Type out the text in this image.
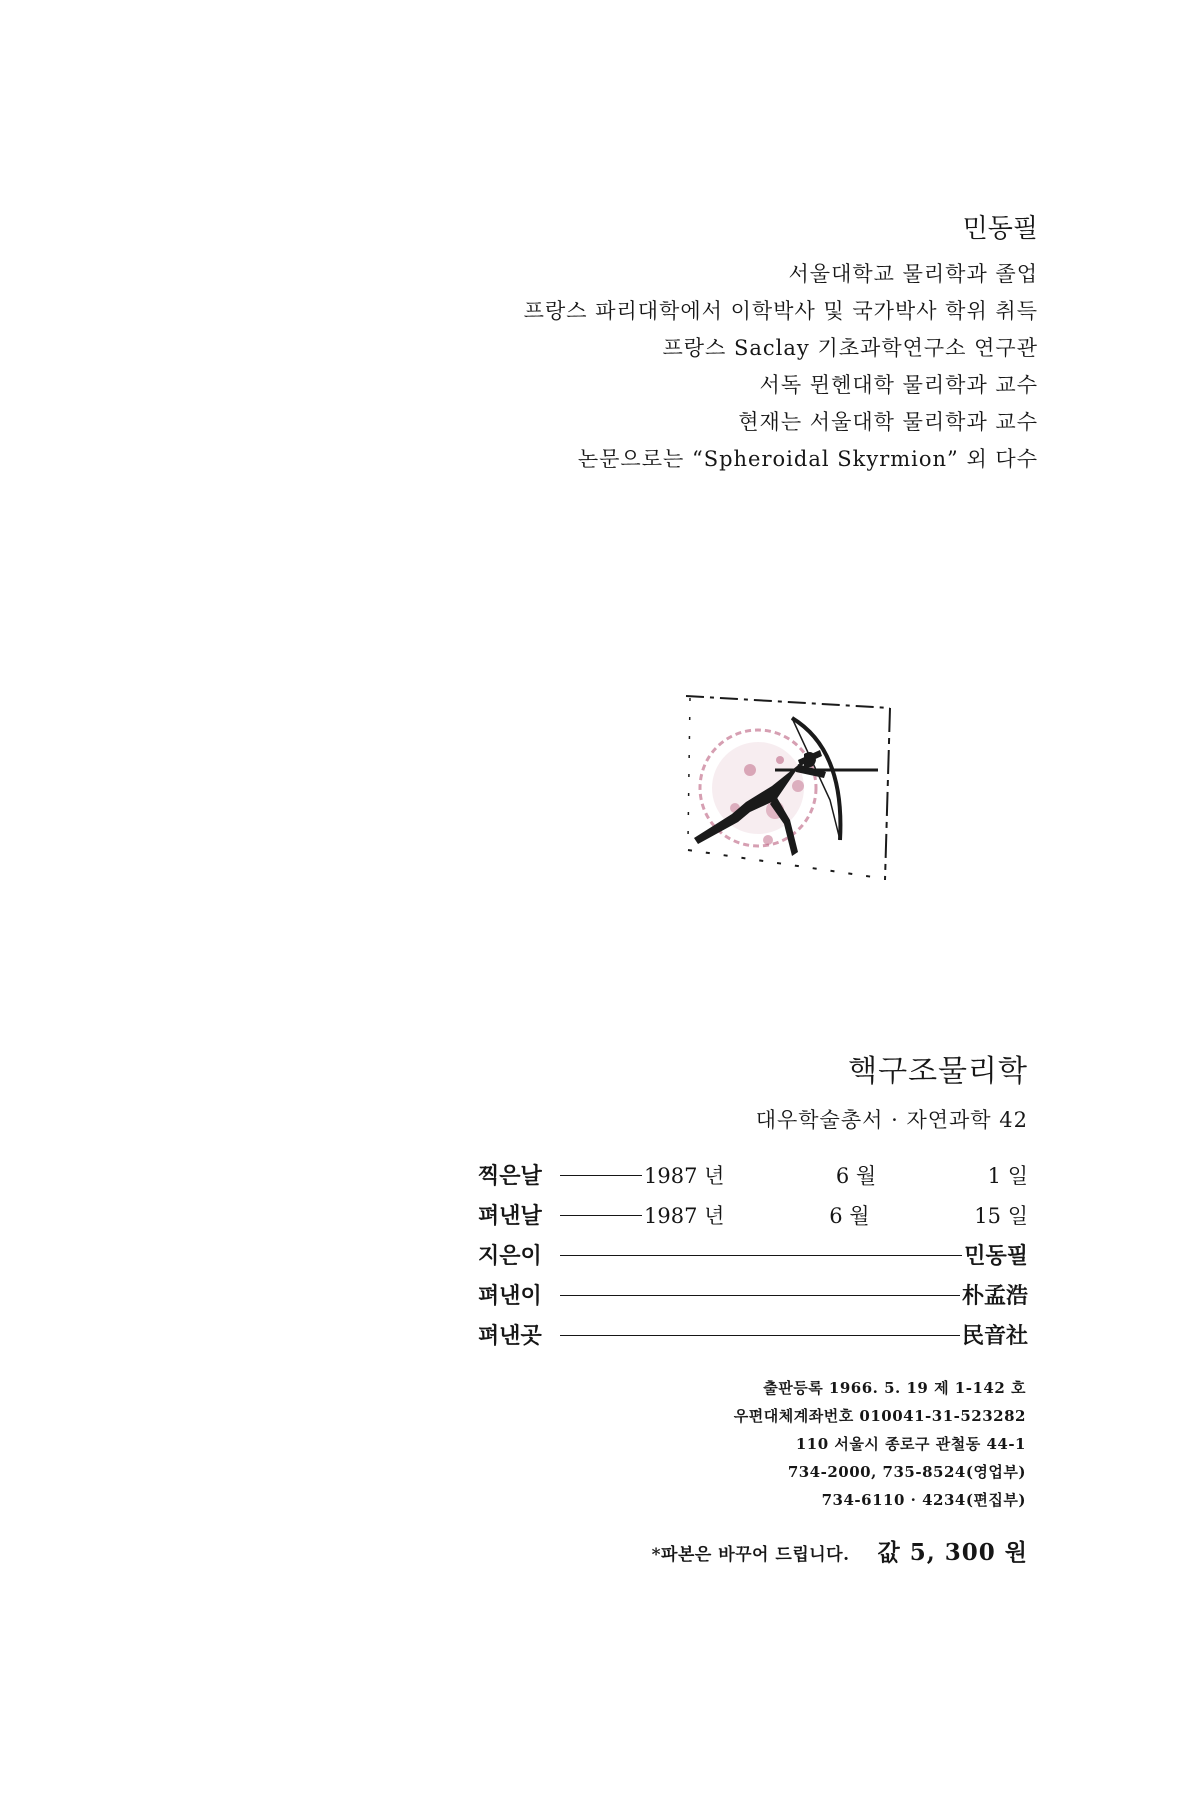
민동필
서울대학교 물리학과 졸업
프랑스 파리대학에서 이학박사 및 국가박사 학위 취득
프랑스 Saclay 기초과학연구소 연구관
서독 뮌헨대학 물리학과 교수
현재는 서울대학 물리학과 교수
논문으로는 “Spheroidal Skyrmion” 외 다수
핵구조물리학
대우학술총서 · 자연과학 42
찍은날	1987 년	6 월	1 일
펴낸날	1987 년	6 월	15 일
지은이	민동필
펴낸이	朴孟浩
펴낸곳	民音社
출판등록 1966. 5. 19 제 1-142 호
우편대체계좌번호 010041-31-523282
110 서울시 종로구 관철동 44-1
734-2000, 735-8524(영업부)
734-6110 · 4234(편집부)
*파본은 바꾸어 드립니다. 값 5, 300 원
